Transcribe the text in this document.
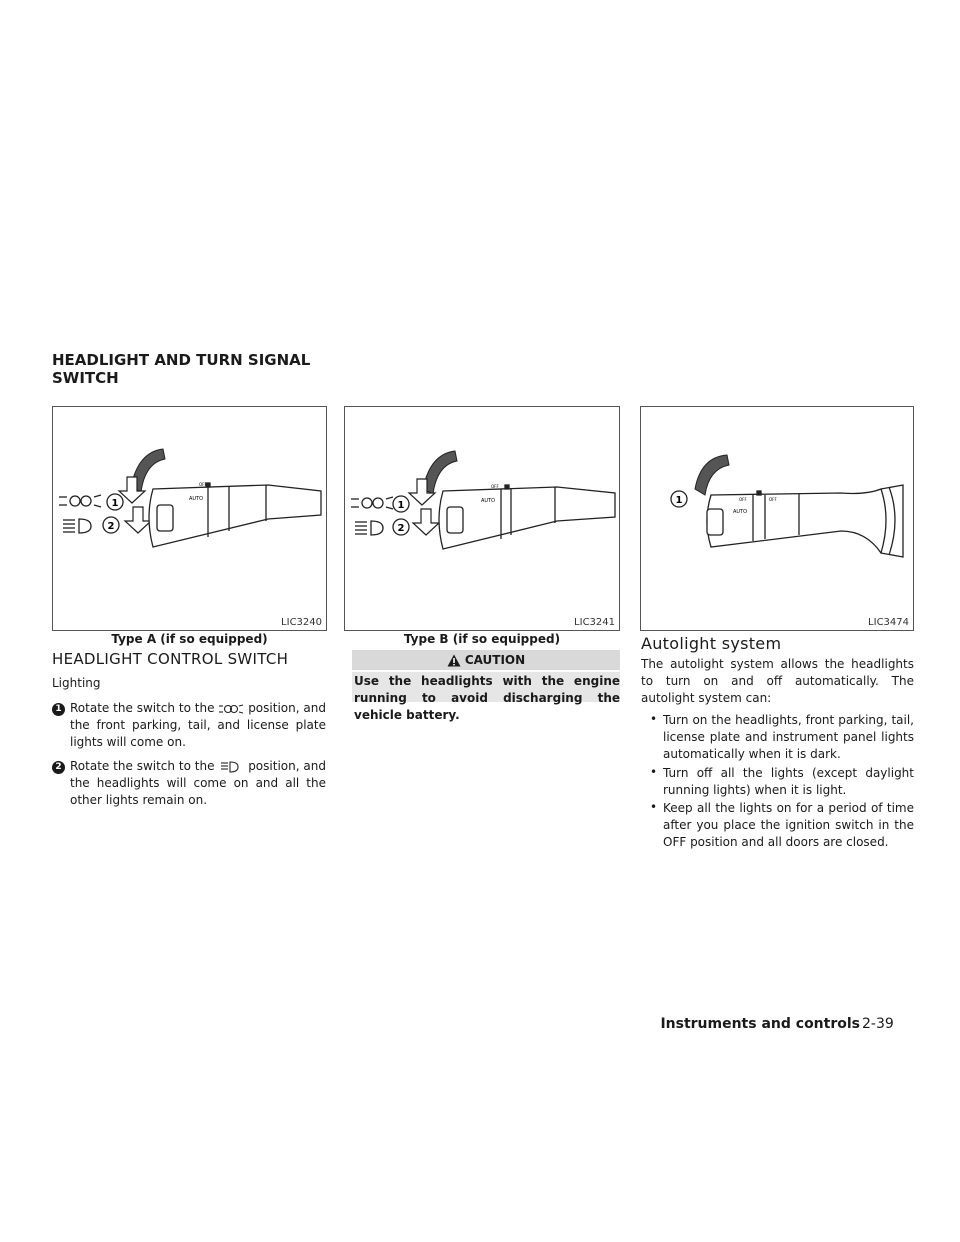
HEADLIGHT AND TURN SIGNAL SWITCH
1
2
AUTO
OFF
LIC3240
Type A (if so equipped)
1
2
AUTO
OFF
LIC3241
Type B (if so equipped)
1
AUTO
OFF	OFF
LIC3474
HEADLIGHT CONTROL SWITCH
Lighting
1 Rotate the switch to the	position, and the front parking, tail, and license plate lights will come on.
2 Rotate the switch to the	position, and the headlights will come on and all the other lights remain on.
CAUTION
Use the headlights with the engine running to avoid discharging the vehicle battery.
Autolight system
The autolight system allows the headlights to turn on and off automatically. The autolight system can:
• Turn on the headlights, front parking, tail, license plate and instrument panel lights automatically when it is dark.
• Turn off all the lights (except daylight running lights) when it is light.
• Keep all the lights on for a period of time after you place the ignition switch in the OFF position and all doors are closed.
Instruments and controls 2-39
